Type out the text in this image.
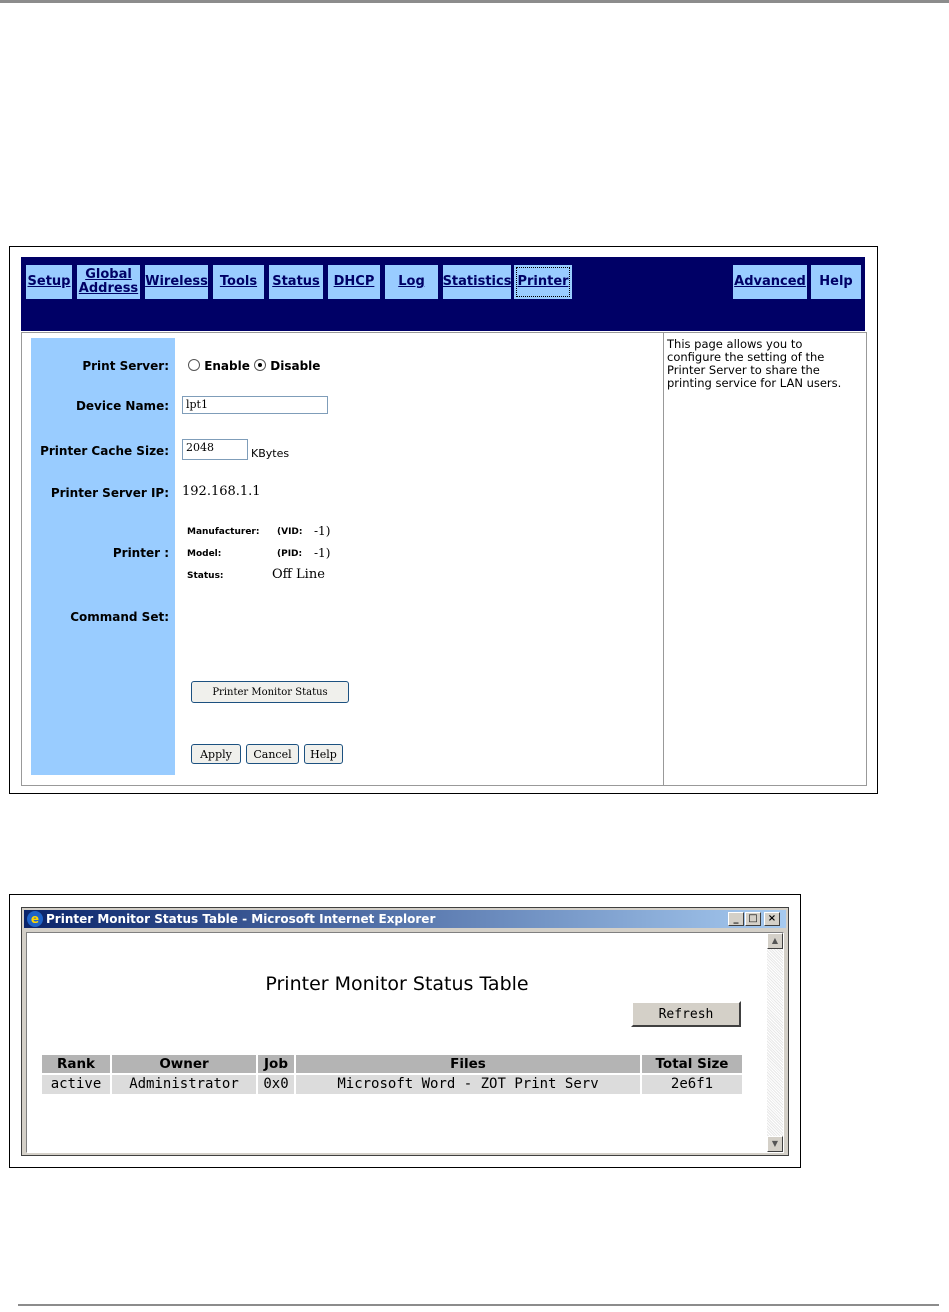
Setup	Global Address Wireless Tools	Status	DHCP	Log	Statistics Printer	Advanced	Help
Print Server:	Enable Disable
Device Name:	lpt1
Printer Cache Size:	2048	KBytes
Printer Server IP: 192.168.1.1
Printer :
Manufacturer: (VID: -1)
Model:	(PID: -1)
Status:	Off Line
Command Set:
Printer Monitor Status
Apply	Cancel	Help
This page allows you to configure the setting of the Printer Server to share the printing service for LAN users.
e Printer Monitor Status Table - Microsoft Internet Explorer	_ □	×
Printer Monitor Status Table
Refresh
Rank	Owner	Job	Files	Total Size
active	Administrator	0x0	Microsoft Word - ZOT Print Serv	2e6f1
▲
▼
